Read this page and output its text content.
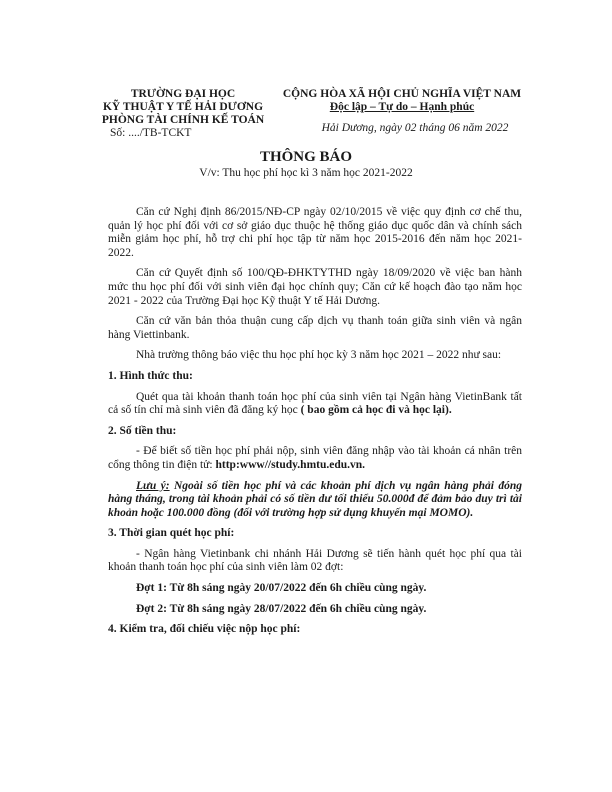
TRƯỜNG ĐẠI HỌC
KỸ THUẬT Y TẾ HẢI DƯƠNG
PHÒNG TÀI CHÍNH KẾ TOÁN
Số: ..../TB-TCKT
CỘNG HÒA XÃ HỘI CHỦ NGHĨA VIỆT NAM
Độc lập – Tự do – Hạnh phúc
Hải Dương, ngày 02 tháng 06 năm 2022
THÔNG BÁO
V/v: Thu học phí học kì 3 năm học 2021-2022

Căn cứ Nghị định 86/2015/NĐ-CP ngày 02/10/2015 về việc quy định cơ chế thu, quản lý học phí đối với cơ sở giáo dục thuộc hệ thống giáo dục quốc dân và chính sách miễn giảm học phí, hỗ trợ chi phí học tập từ năm học 2015-2016 đến năm học 2021-2022.

Căn cứ Quyết định số 100/QĐ-ĐHKTYTHD ngày 18/09/2020 về việc ban hành mức thu học phí đối với sinh viên đại học chính quy; Căn cứ kế hoạch đào tạo năm học 2021 - 2022 của Trường Đại học Kỹ thuật Y tế Hải Dương.

Căn cứ văn bản thỏa thuận cung cấp dịch vụ thanh toán giữa sinh viên và ngân hàng Viettinbank.

Nhà trường thông báo việc thu học phí học kỳ 3 năm học 2021 – 2022 như sau:

1. Hình thức thu:

Quét qua tài khoản thanh toán học phí của sinh viên tại Ngân hàng VietinBank tất cả số tín chỉ mà sinh viên đã đăng ký học ( bao gồm cả học đi và học lại).

2. Số tiền thu:

- Để biết số tiền học phí phải nộp, sinh viên đăng nhập vào tài khoản cá nhân trên cổng thông tin điện tử: http:www//study.hmtu.edu.vn.

Lưu ý: Ngoài số tiền học phí và các khoản phí dịch vụ ngân hàng phải đóng hàng tháng, trong tài khoản phải có số tiền dư tối thiểu 50.000đ để đảm bảo duy trì tài khoản hoặc 100.000 đồng (đối với trường hợp sử dụng khuyến mại MOMO).

3. Thời gian quét học phí:

- Ngân hàng Vietinbank chi nhánh Hải Dương sẽ tiến hành quét học phí qua tài khoản thanh toán học phí của sinh viên làm 02 đợt:

Đợt 1: Từ 8h sáng ngày 20/07/2022 đến 6h chiều cùng ngày.
Đợt 2: Từ 8h sáng ngày 28/07/2022 đến 6h chiều cùng ngày.
4. Kiểm tra, đối chiếu việc nộp học phí:
